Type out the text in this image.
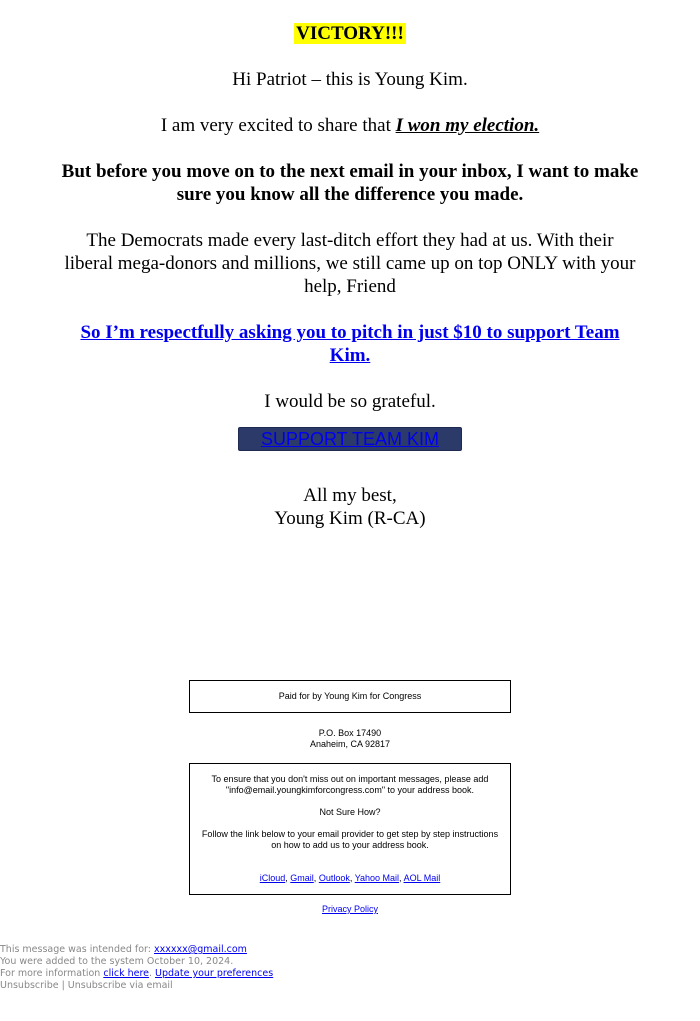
VICTORY!!!

Hi Patriot – this is Young Kim.

I am very excited to share that I won my election.

But before you move on to the next email in your inbox, I want to make sure you know all the difference you made.

The Democrats made every last-ditch effort they had at us. With their liberal mega-donors and millions, we still came up on top ONLY with your help, Friend

So I’m respectfully asking you to pitch in just $10 to support Team Kim.

I would be so grateful.

SUPPORT TEAM KIM

All my best,
Young Kim (R-CA)

Paid for by Young Kim for Congress
P.O. Box 17490
Anaheim, CA 92817
To ensure that you don't miss out on important messages, please add "info@email.youngkimforcongress.com" to your address book.
Not Sure How?
Follow the link below to your email provider to get step by step instructions on how to add us to your address book.
iCloud, Gmail, Outlook, Yahoo Mail, AOL Mail
Privacy Policy
This message was intended for: xxxxxx@gmail.com
You were added to the system October 10, 2024.
For more information click here. Update your preferences
Unsubscribe | Unsubscribe via email
